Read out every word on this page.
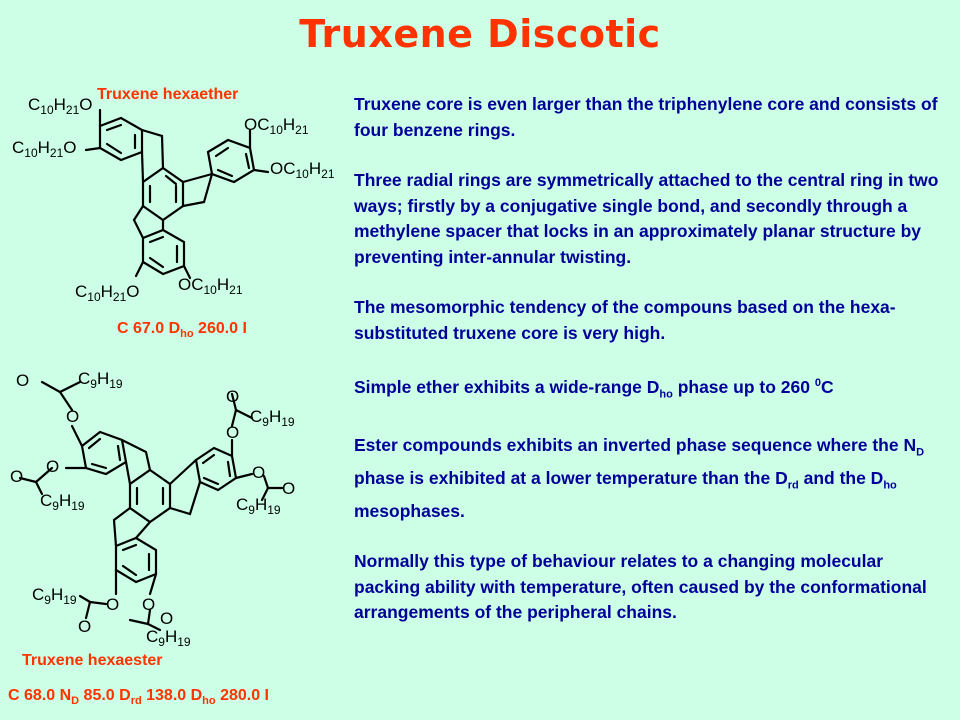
Truxene Discotic
Truxene hexaether
$C_{10}H_{21}O$
$C_{10}H_{21}O$
$OC_{10}H_{21}$
$OC_{10}H_{21}$
$C_{10}H_{21}O$ $OC_{10}H_{21}$
C 67.0 $D_{ho}$ 260.0 I
O	$C_9H_{19}$
O
O
O
$C_9H_{19}$
O
$C_9H_{19}$
O
O
O
$C_9H_{19}$
$C_9H_{19}$ O
O
O
O
$C_9H_{19}$
Truxene hexaester
C 68.0 $N_D$ 85.0 $D_{rd}$ 138.0 $D_{ho}$ 280.0 I

Truxene core is even larger than the triphenylene core and consists of four benzene rings.

Three radial rings are symmetrically attached to the central ring in two ways; firstly by a conjugative single bond, and secondly through a methylene spacer that locks in an approximately planar structure by preventing inter-annular twisting.

The mesomorphic tendency of the compouns based on the hexa-substituted truxene core is very high.

Simple ether exhibits a wide-range $D_{ho}$ phase up to 260 $^0$C

Ester compounds exhibits an inverted phase sequence where the $N_D$ phase is exhibited at a lower temperature than the $D_{rd}$ and the $D_{ho}$ mesophases.

Normally this type of behaviour relates to a changing molecular packing ability with temperature, often caused by the conformational arrangements of the peripheral chains.
